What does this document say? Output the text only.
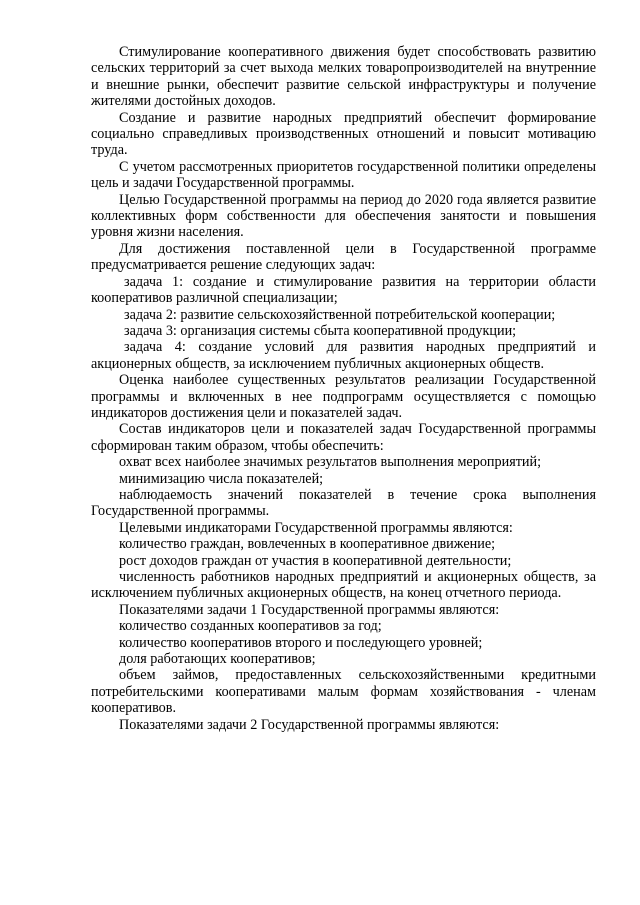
Стимулирование кооперативного движения будет способствовать развитию сельских территорий за счет выхода мелких товаропроизводителей на внутренние и внешние рынки, обеспечит развитие сельской инфраструктуры и получение жителями достойных доходов.

Создание и развитие народных предприятий обеспечит формирование социально справедливых производственных отношений и повысит мотивацию труда.

С учетом рассмотренных приоритетов государственной политики определены цель и задачи Государственной программы.

Целью Государственной программы на период до 2020 года является развитие коллективных форм собственности для обеспечения занятости и повышения уровня жизни населения.

Для достижения поставленной цели в Государственной программе предусматривается решение следующих задач:

задача 1: создание и стимулирование развития на территории области кооперативов различной специализации;

задача 2: развитие сельскохозяйственной потребительской кооперации;

задача 3: организация системы сбыта кооперативной продукции;

задача 4: создание условий для развития народных предприятий и акционерных обществ, за исключением публичных акционерных обществ.

Оценка наиболее существенных результатов реализации Государственной программы и включенных в нее подпрограмм осуществляется с помощью индикаторов достижения цели и показателей задач.

Состав индикаторов цели и показателей задач Государственной программы сформирован таким образом, чтобы обеспечить:

охват всех наиболее значимых результатов выполнения мероприятий;

минимизацию числа показателей;

наблюдаемость значений показателей в течение срока выполнения Государственной программы.

Целевыми индикаторами Государственной программы являются:

количество граждан, вовлеченных в кооперативное движение;

рост доходов граждан от участия в кооперативной деятельности;

численность работников народных предприятий и акционерных обществ, за исключением публичных акционерных обществ, на конец отчетного периода.

Показателями задачи 1 Государственной программы являются:

количество созданных кооперативов за год;

количество кооперативов второго и последующего уровней;

доля работающих кооперативов;

объем займов, предоставленных сельскохозяйственными кредитными потребительскими кооперативами малым формам хозяйствования - членам кооперативов.

Показателями задачи 2 Государственной программы являются:
